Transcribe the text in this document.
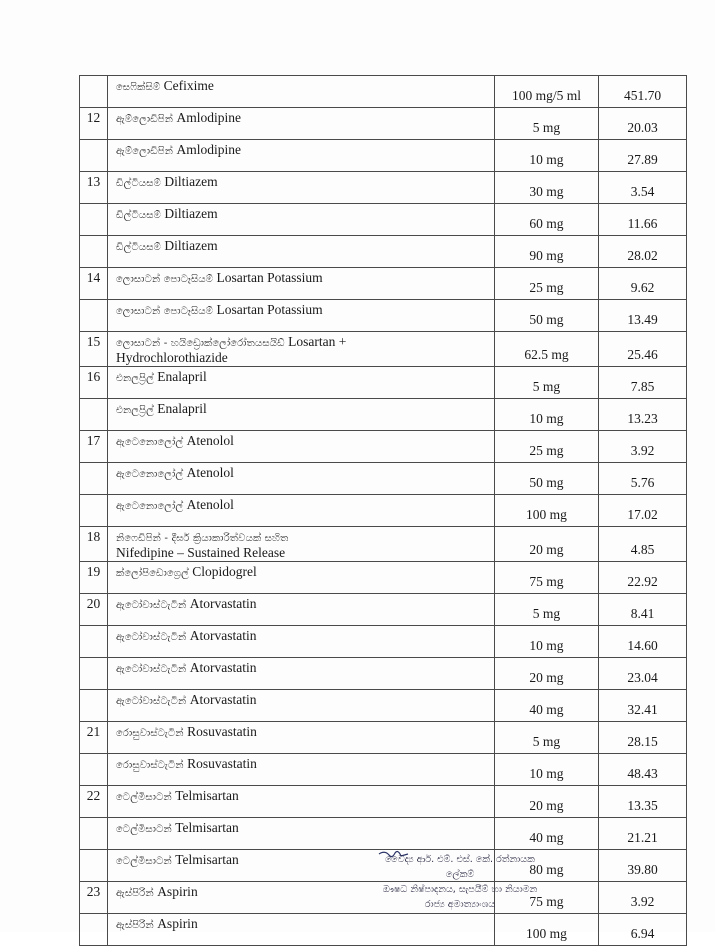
	සෙෆික්සිම් Cefixime	100 mg/5 ml	451.70
12	ඇම්ලොඩිපින් Amlodipine	5 mg	20.03
	ඇම්ලොඩිපින් Amlodipine	10 mg	27.89
13	ඩිල්ටියසම් Diltiazem	30 mg	3.54
	ඩිල්ටියසම් Diltiazem	60 mg	11.66
	ඩිල්ටියසම් Diltiazem	90 mg	28.02
14	ලොසාටන් පොටෑසියම් Losartan Potassium	25 mg	9.62
	ලොසාටන් පොටෑසියම් Losartan Potassium	50 mg	13.49
15	ලොසාටන් - හයිඩ්‍රොක්ලෝරෝතයසයිඩ් Losartan +
Hydrochlorothiazide	62.5 mg	25.46
16	එනලප්‍රිල් Enalapril	5 mg	7.85
	එනලප්‍රිල් Enalapril	10 mg	13.23
17	ඇටෙනොලෝල් Atenolol	25 mg	3.92
	ඇටෙනොලෝල් Atenolol	50 mg	5.76
	ඇටෙනොලෝල් Atenolol	100 mg	17.02
18	නිෆෙඩිපින් - දීර්ඝ ක්‍රියාකාරිත්වයක් සහිත
Nifedipine – Sustained Release	20 mg	4.85
19	ක්ලෝපිඩොග්‍රෙල් Clopidogrel	75 mg	22.92
20	ඇටෝවාස්ටැටින් Atorvastatin	5 mg	8.41
	ඇටෝවාස්ටැටින් Atorvastatin	10 mg	14.60
	ඇටෝවාස්ටැටින් Atorvastatin	20 mg	23.04
	ඇටෝවාස්ටැටින් Atorvastatin	40 mg	32.41
21	රොසුවාස්ටැටින් Rosuvastatin	5 mg	28.15
	රොසුවාස්ටැටින් Rosuvastatin	10 mg	48.43
22	ටෙල්මිසාටන් Telmisartan	20 mg	13.35
	ටෙල්මිසාටන් Telmisartan	40 mg	21.21
	ටෙල්මිසාටන් Telmisartan	80 mg	39.80
23	ඇස්පිරින් Aspirin	75 mg	3.92
	ඇස්පිරින් Aspirin	100 mg	6.94
වෛද්‍ය ආර්. එම්. එස්. කේ. රත්නායක
ලේකම්
ඖෂධ නිෂ්පාදනය, සැපයීම් හා නියාමන
රාජ්‍ය අමාත්‍යාංශය
